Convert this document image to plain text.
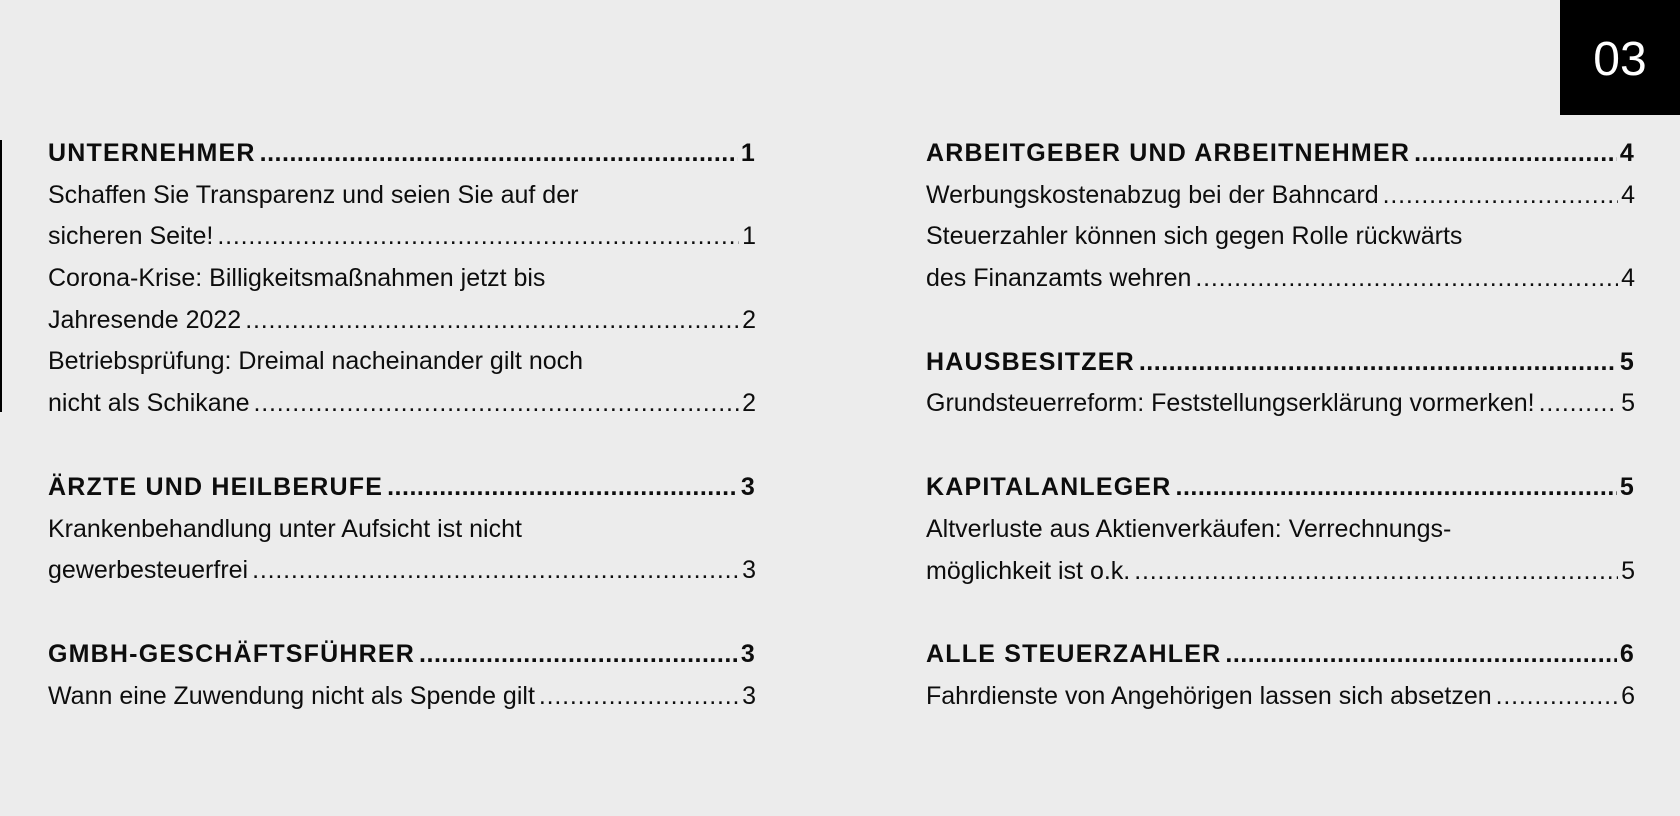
03
UNTERNEHMER .....	1
Schaffen Sie Transparenz und seien Sie auf der
sicheren Seite! .....	1
Corona-Krise: Billigkeitsmaßnahmen jetzt bis
Jahresende 2022 .....	2
Betriebsprüfung: Dreimal nacheinander gilt noch
nicht als Schikane .....	2
ÄRZTE UND HEILBERUFE .....	3
Krankenbehandlung unter Aufsicht ist nicht
gewerbesteuerfrei .....	3
GMBH-GESCHÄFTSFÜHRER .....	3
Wann eine Zuwendung nicht als Spende gilt .....	3
ARBEITGEBER UND ARBEITNEHMER .....	4
Werbungskostenabzug bei der Bahncard .....	4
Steuerzahler können sich gegen Rolle rückwärts
des Finanzamts wehren .....	4
HAUSBESITZER .....	5
Grundsteuerreform: Feststellungserklärung vormerken! .....	5
KAPITALANLEGER .....	5
Altverluste aus Aktienverkäufen: Verrechnungs-
möglichkeit ist o.k. .....	5
ALLE STEUERZAHLER .....	6
Fahrdienste von Angehörigen lassen sich absetzen .....	6
